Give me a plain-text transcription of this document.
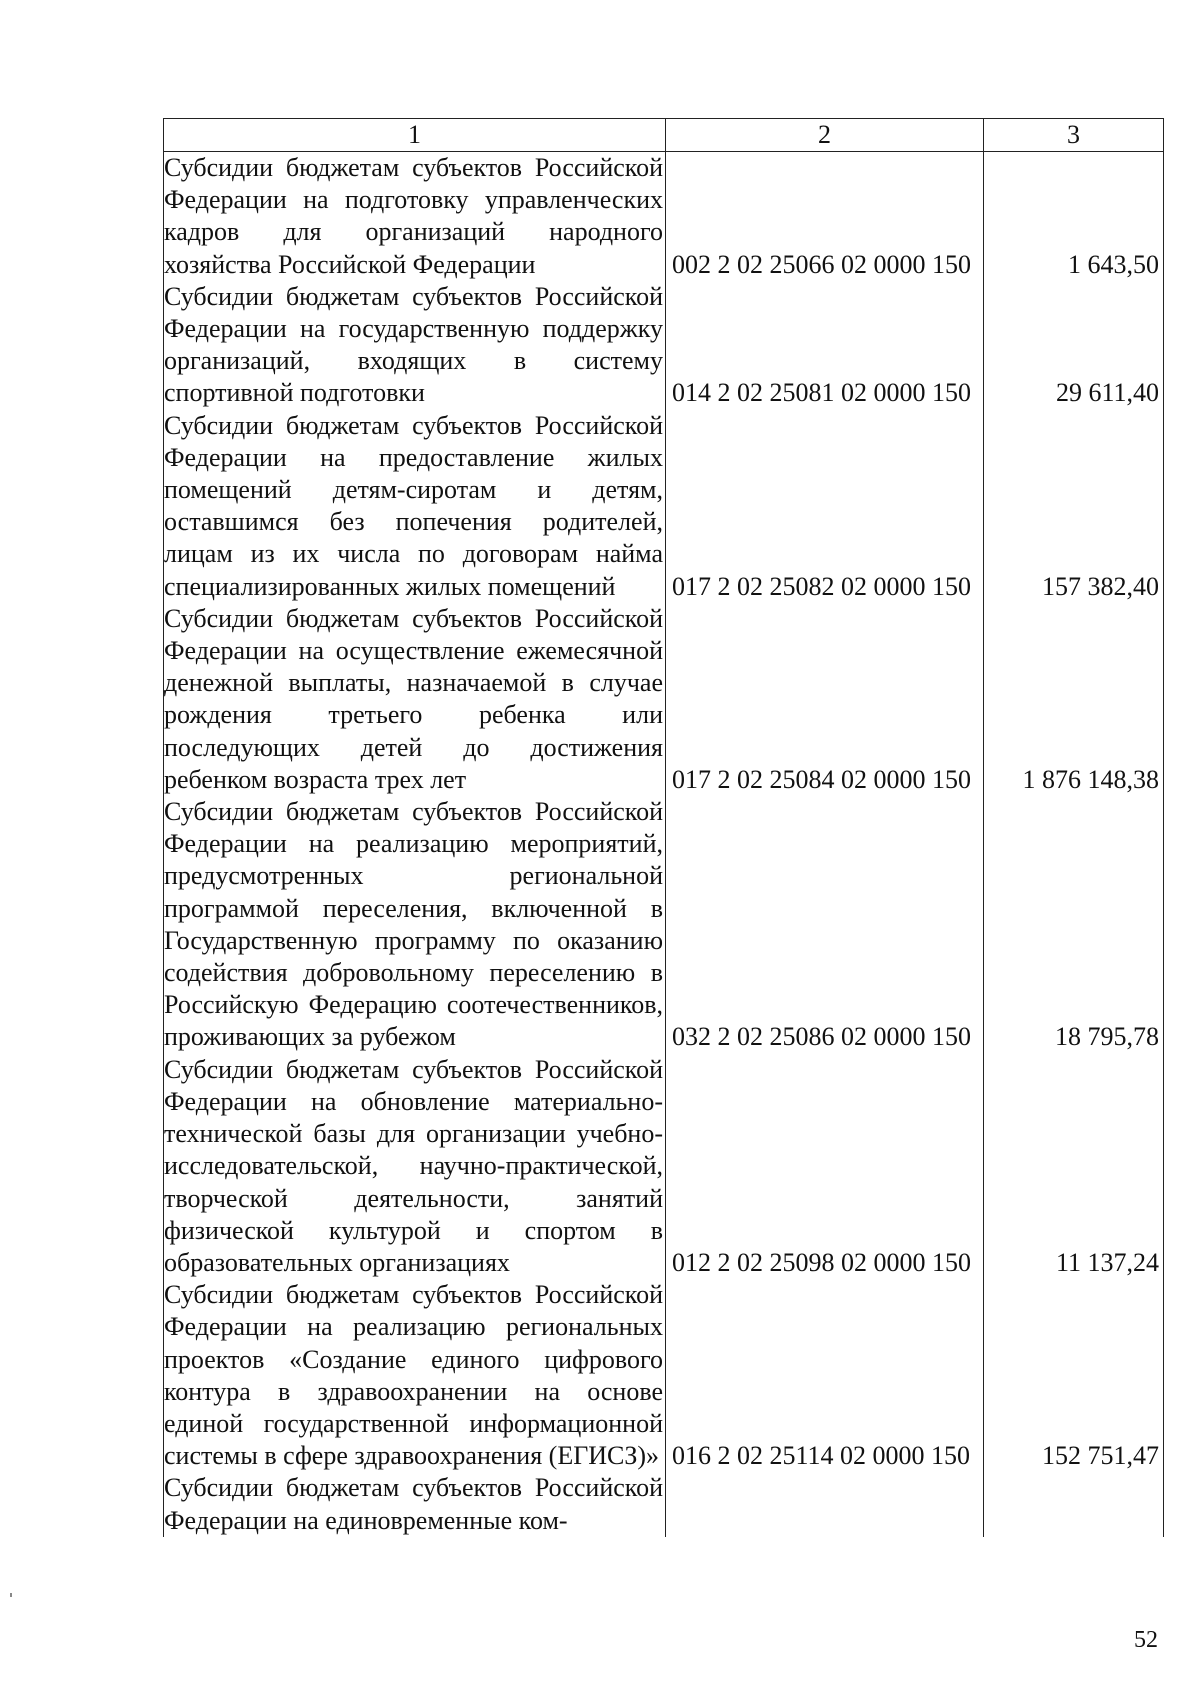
1	2	3
Субсидии бюджетам субъектов Российской Федерации на подготовку управленческих кадров для организаций народного хозяйства Российской Федерации	002 2 02 25066 02 0000 150	1 643,50
Субсидии бюджетам субъектов Российской Федерации на государственную поддержку организаций, входящих в систему спортивной подготовки	014 2 02 25081 02 0000 150	29 611,40
Субсидии бюджетам субъектов Российской Федерации на предоставление жилых помещений детям-сиротам и детям, оставшимся без попечения родителей, лицам из их числа по договорам найма специализированных жилых помещений	017 2 02 25082 02 0000 150	157 382,40
Субсидии бюджетам субъектов Российской Федерации на осуществление ежемесячной денежной выплаты, назначаемой в случае рождения третьего ребенка или последующих детей до достижения ребенком возраста трех лет	017 2 02 25084 02 0000 150	1 876 148,38
Субсидии бюджетам субъектов Российской Федерации на реализацию мероприятий, предусмотренных региональной программой переселения, включенной в Государственную программу по оказанию содействия добровольному переселению в Российскую Федерацию соотечественников, проживающих за рубежом	032 2 02 25086 02 0000 150	18 795,78
Субсидии бюджетам субъектов Российской Федерации на обновление материально-технической базы для организации учебно-исследовательской, научно-практической, творческой деятельности, занятий физической культурой и спортом в образовательных организациях	012 2 02 25098 02 0000 150	11 137,24
Субсидии бюджетам субъектов Российской Федерации на реализацию региональных проектов «Создание единого цифрового контура в здравоохранении на основе единой государственной информационной системы в сфере здравоохранения (ЕГИСЗ)»	016 2 02 25114 02 0000 150	152 751,47
Субсидии бюджетам субъектов Российской Федерации на единовременные ком-		
52
